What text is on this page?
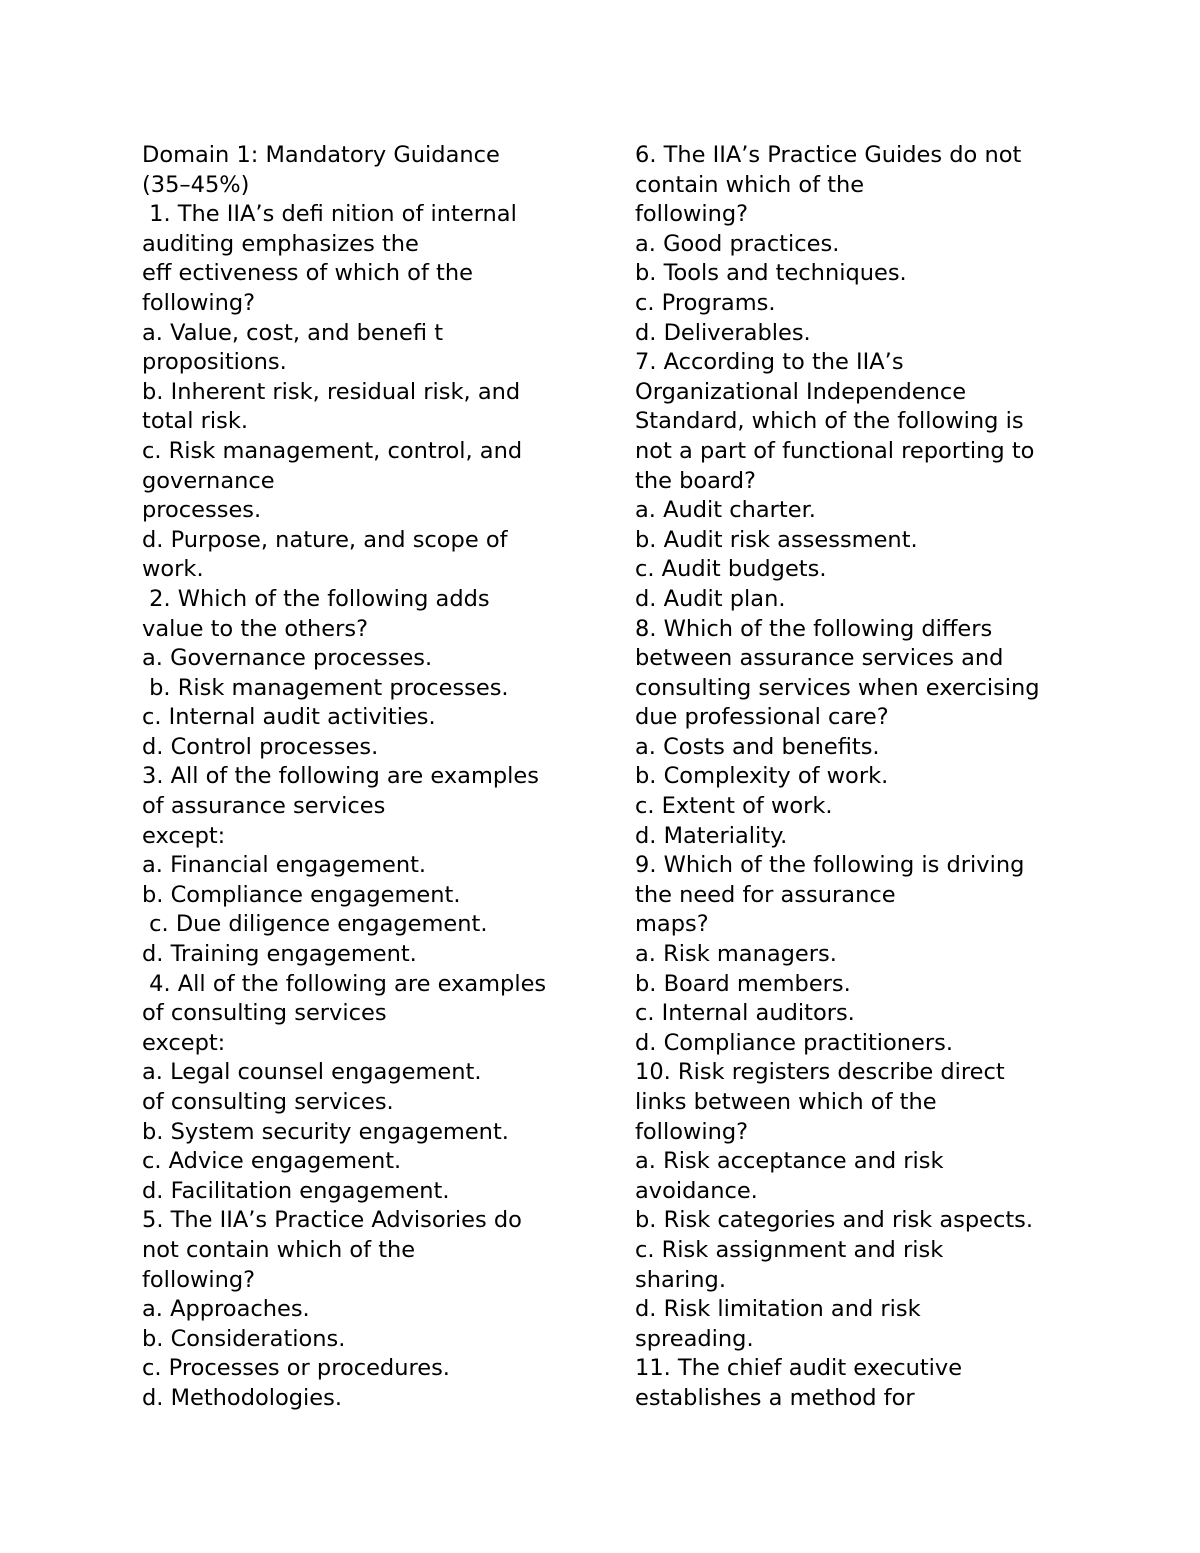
Domain 1: Mandatory Guidance
(35–45%)
1. The IIA’s defi nition of internal
auditing emphasizes the
eff ectiveness of which of the
following?
a. Value, cost, and benefi t
propositions.
b. Inherent risk, residual risk, and
total risk.
c. Risk management, control, and
governance
processes.
d. Purpose, nature, and scope of
work.
2. Which of the following adds
value to the others?
a. Governance processes.
b. Risk management processes.
c. Internal audit activities.
d. Control processes.
3. All of the following are examples
of assurance services
except:
a. Financial engagement.
b. Compliance engagement.
c. Due diligence engagement.
d. Training engagement.
4. All of the following are examples
of consulting services
except:
a. Legal counsel engagement.
of consulting services.
b. System security engagement.
c. Advice engagement.
d. Facilitation engagement.
5. The IIA’s Practice Advisories do
not contain which of the
following?
a. Approaches.
b. Considerations.
c. Processes or procedures.
d. Methodologies.
6. The IIA’s Practice Guides do not
contain which of the
following?
a. Good practices.
b. Tools and techniques.
c. Programs.
d. Deliverables.
7. According to the IIA’s
Organizational Independence
Standard, which of the following is
not a part of functional reporting to
the board?
a. Audit charter.
b. Audit risk assessment.
c. Audit budgets.
d. Audit plan.
8. Which of the following differs
between assurance services and
consulting services when exercising
due professional care?
a. Costs and benefits.
b. Complexity of work.
c. Extent of work.
d. Materiality.
9. Which of the following is driving
the need for assurance
maps?
a. Risk managers.
b. Board members.
c. Internal auditors.
d. Compliance practitioners.
10. Risk registers describe direct
links between which of the
following?
a. Risk acceptance and risk
avoidance.
b. Risk categories and risk aspects.
c. Risk assignment and risk
sharing.
d. Risk limitation and risk
spreading.
11. The chief audit executive
establishes a method for
